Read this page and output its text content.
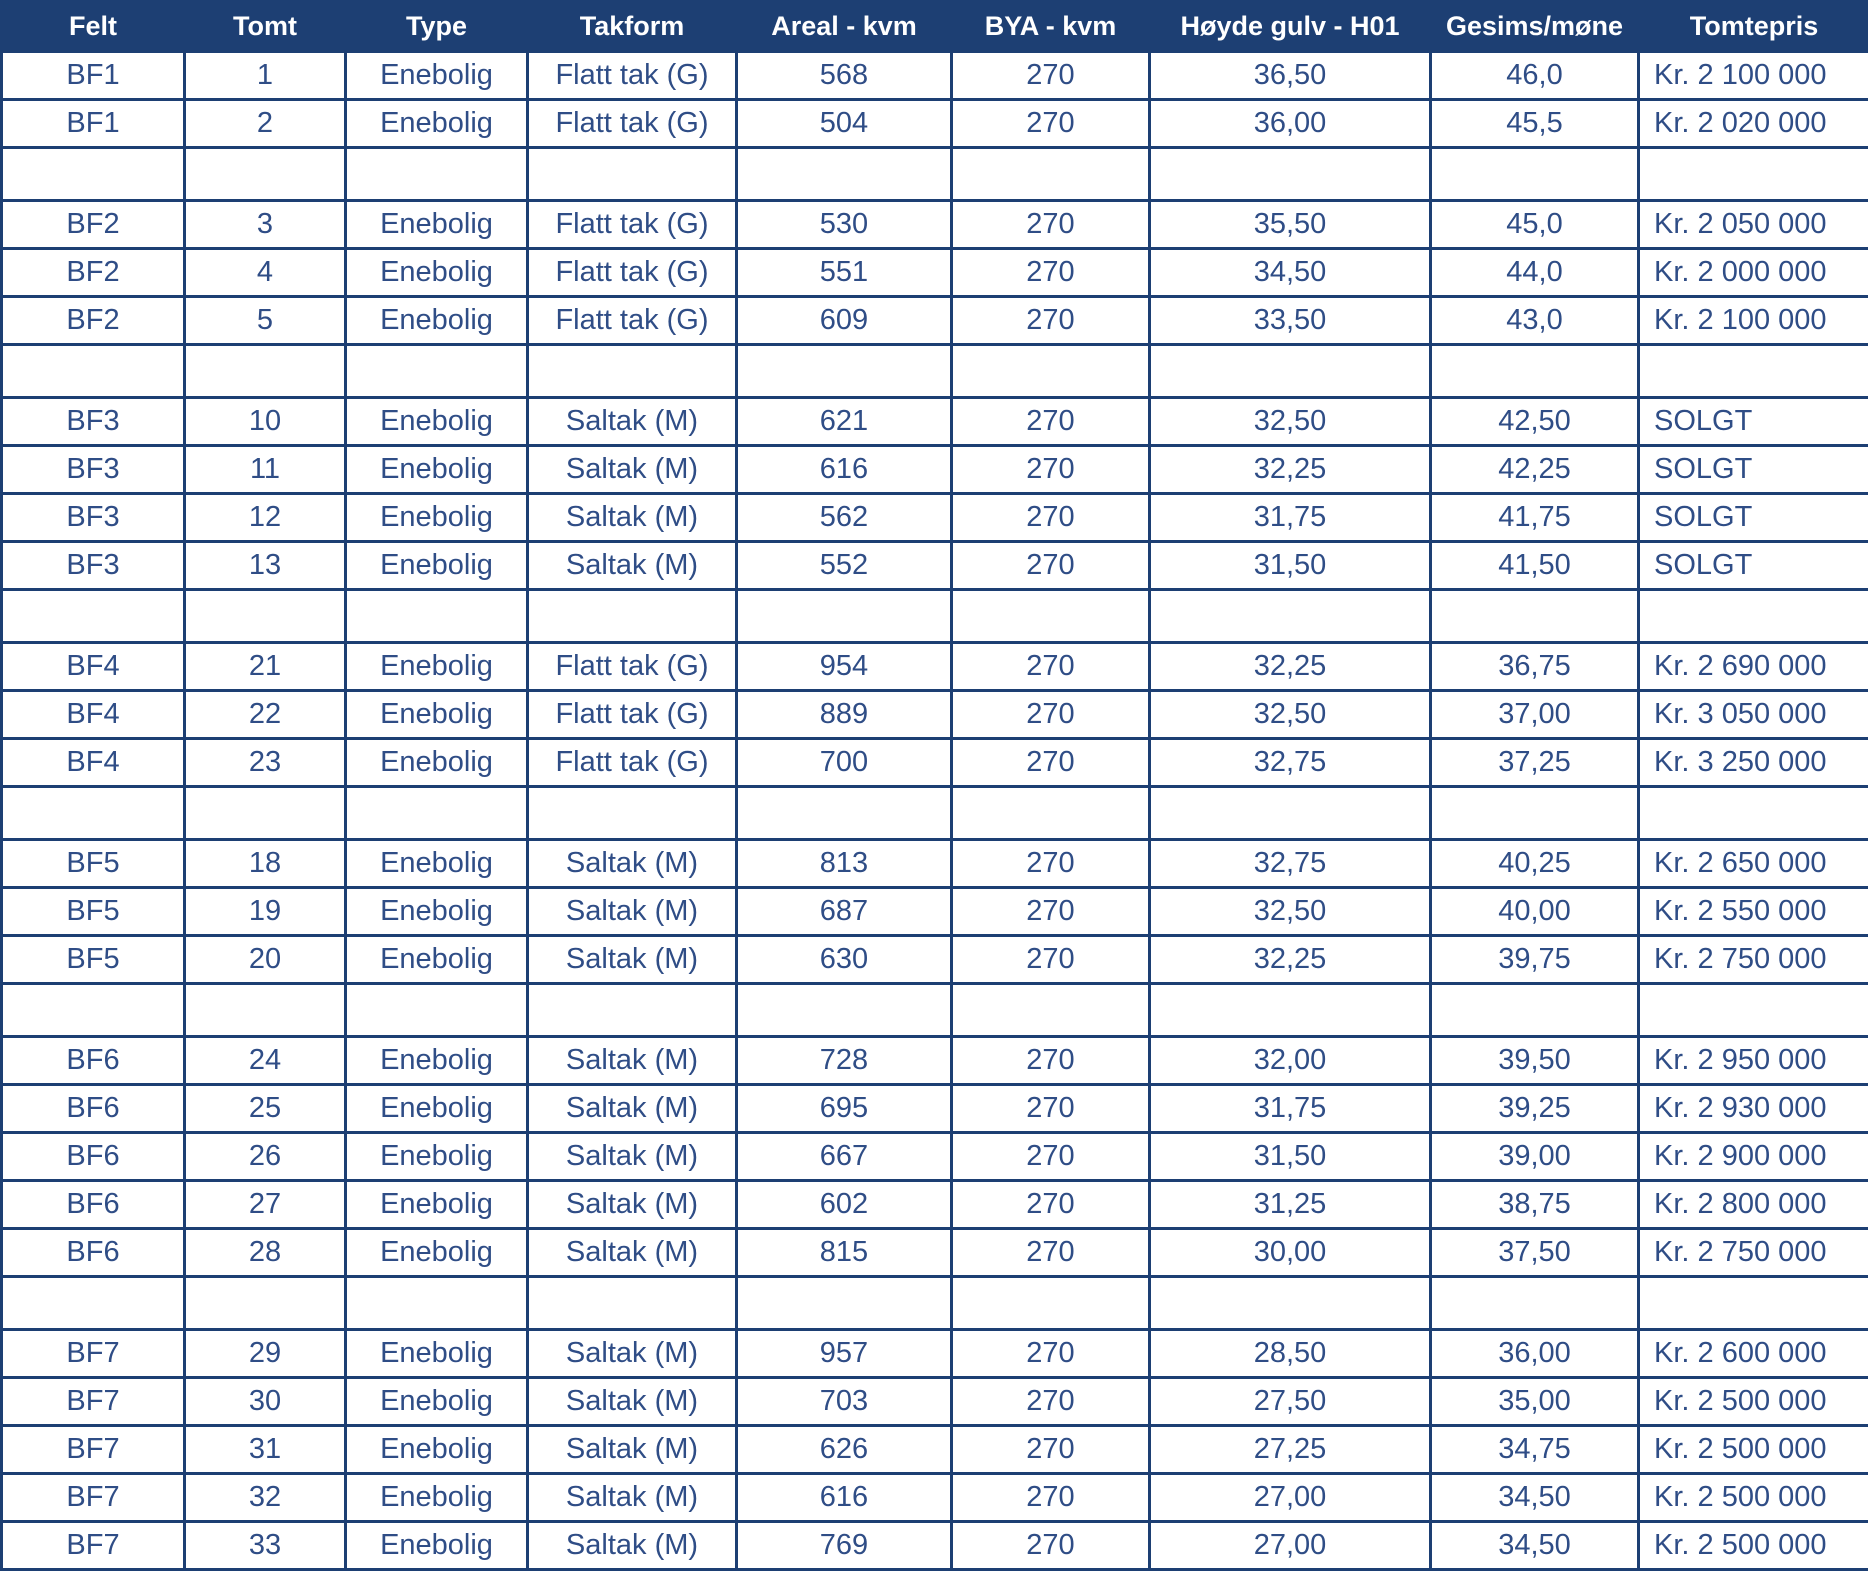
Felt	Tomt	Type	Takform	Areal - kvm	BYA - kvm	Høyde gulv - H01	Gesims/møne	Tomtepris
BF1	1	Enebolig	Flatt tak (G)	568	270	36,50	46,0	Kr. 2 100 000
BF1	2	Enebolig	Flatt tak (G)	504	270	36,00	45,5	Kr. 2 020 000

BF2	3	Enebolig	Flatt tak (G)	530	270	35,50	45,0	Kr. 2 050 000
BF2	4	Enebolig	Flatt tak (G)	551	270	34,50	44,0	Kr. 2 000 000
BF2	5	Enebolig	Flatt tak (G)	609	270	33,50	43,0	Kr. 2 100 000

BF3	10	Enebolig	Saltak (M)	621	270	32,50	42,50	SOLGT
BF3	11	Enebolig	Saltak (M)	616	270	32,25	42,25	SOLGT
BF3	12	Enebolig	Saltak (M)	562	270	31,75	41,75	SOLGT
BF3	13	Enebolig	Saltak (M)	552	270	31,50	41,50	SOLGT

BF4	21	Enebolig	Flatt tak (G)	954	270	32,25	36,75	Kr. 2 690 000
BF4	22	Enebolig	Flatt tak (G)	889	270	32,50	37,00	Kr. 3 050 000
BF4	23	Enebolig	Flatt tak (G)	700	270	32,75	37,25	Kr. 3 250 000

BF5	18	Enebolig	Saltak (M)	813	270	32,75	40,25	Kr. 2 650 000
BF5	19	Enebolig	Saltak (M)	687	270	32,50	40,00	Kr. 2 550 000
BF5	20	Enebolig	Saltak (M)	630	270	32,25	39,75	Kr. 2 750 000

BF6	24	Enebolig	Saltak (M)	728	270	32,00	39,50	Kr. 2 950 000
BF6	25	Enebolig	Saltak (M)	695	270	31,75	39,25	Kr. 2 930 000
BF6	26	Enebolig	Saltak (M)	667	270	31,50	39,00	Kr. 2 900 000
BF6	27	Enebolig	Saltak (M)	602	270	31,25	38,75	Kr. 2 800 000
BF6	28	Enebolig	Saltak (M)	815	270	30,00	37,50	Kr. 2 750 000

BF7	29	Enebolig	Saltak (M)	957	270	28,50	36,00	Kr. 2 600 000
BF7	30	Enebolig	Saltak (M)	703	270	27,50	35,00	Kr. 2 500 000
BF7	31	Enebolig	Saltak (M)	626	270	27,25	34,75	Kr. 2 500 000
BF7	32	Enebolig	Saltak (M)	616	270	27,00	34,50	Kr. 2 500 000
BF7	33	Enebolig	Saltak (M)	769	270	27,00	34,50	Kr. 2 500 000
